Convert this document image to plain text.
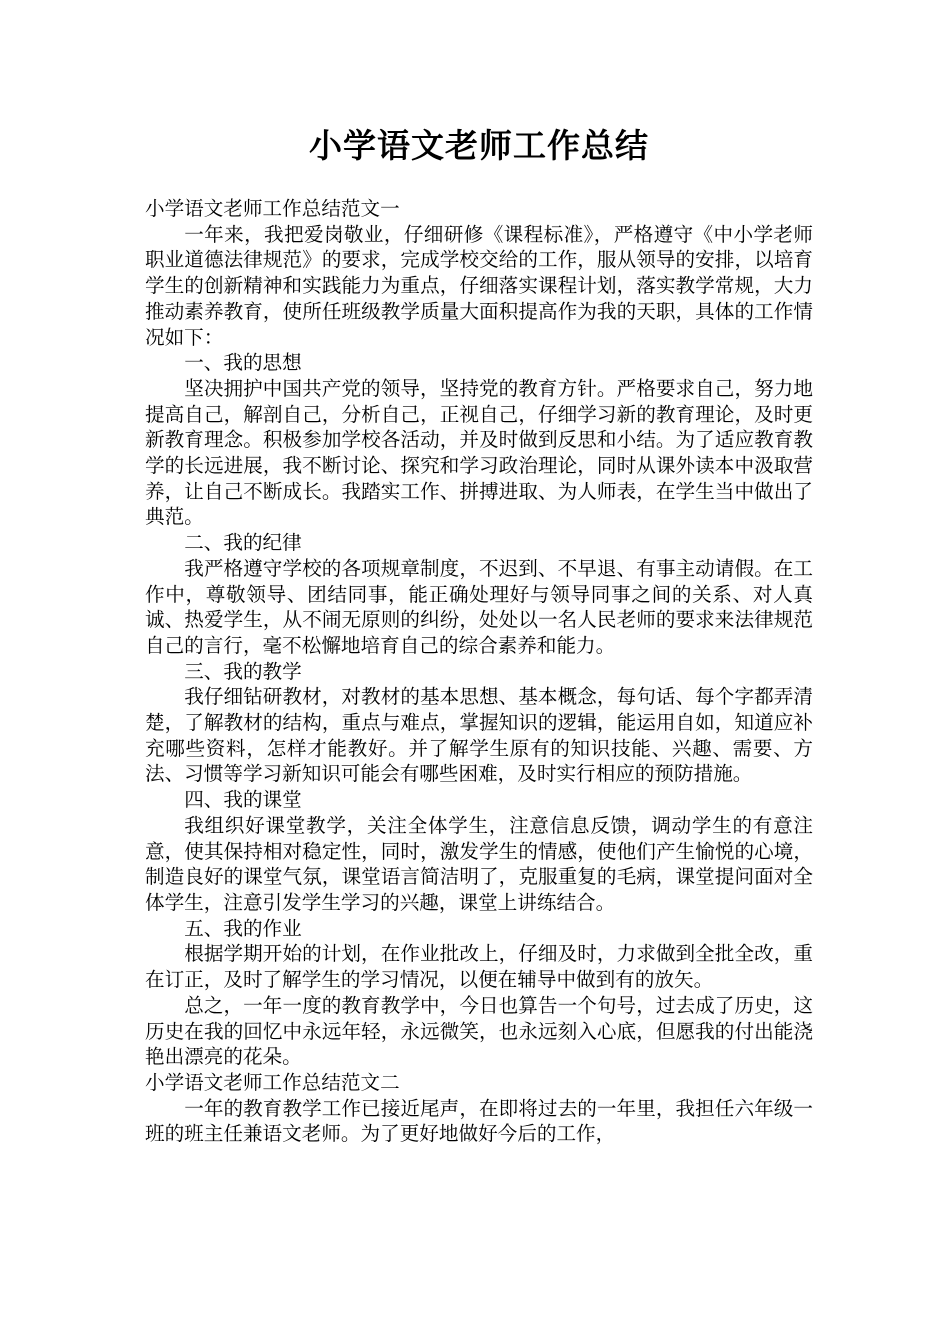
小学语文老师工作总结

小学语文老师工作总结范文一

一年来，我把爱岗敬业，仔细研修《课程标准》，严格遵守《中小学老师职业道德法律规范》的要求，完成学校交给的工作，服从领导的安排，以培育学生的创新精神和实践能力为重点，仔细落实课程计划，落实教学常规，大力推动素养教育，使所任班级教学质量大面积提高作为我的天职，具体的工作情况如下：

一、我的思想

坚决拥护中国共产党的领导，坚持党的教育方针。严格要求自己，努力地提高自己，解剖自己，分析自己，正视自己，仔细学习新的教育理论，及时更新教育理念。积极参加学校各活动，并及时做到反思和小结。为了适应教育教学的长远进展，我不断讨论、探究和学习政治理论，同时从课外读本中汲取营养，让自己不断成长。我踏实工作、拼搏进取、为人师表，在学生当中做出了典范。

二、我的纪律

我严格遵守学校的各项规章制度，不迟到、不早退、有事主动请假。在工作中，尊敬领导、团结同事，能正确处理好与领导同事之间的关系、对人真诚、热爱学生，从不闹无原则的纠纷，处处以一名人民老师的要求来法律规范自己的言行，毫不松懈地培育自己的综合素养和能力。

三、我的教学

我仔细钻研教材，对教材的基本思想、基本概念，每句话、每个字都弄清楚，了解教材的结构，重点与难点，掌握知识的逻辑，能运用自如，知道应补充哪些资料，怎样才能教好。并了解学生原有的知识技能、兴趣、需要、方法、习惯等学习新知识可能会有哪些困难，及时实行相应的预防措施。

四、我的课堂

我组织好课堂教学，关注全体学生，注意信息反馈，调动学生的有意注意，使其保持相对稳定性，同时，激发学生的情感，使他们产生愉悦的心境，制造良好的课堂气氛，课堂语言简洁明了，克服重复的毛病，课堂提问面对全体学生，注意引发学生学习的兴趣，课堂上讲练结合。

五、我的作业

根据学期开始的计划，在作业批改上，仔细及时，力求做到全批全改，重在订正，及时了解学生的学习情况，以便在辅导中做到有的放矢。

总之，一年一度的教育教学中，今日也算告一个句号，过去成了历史，这历史在我的回忆中永远年轻，永远微笑，也永远刻入心底，但愿我的付出能浇艳出漂亮的花朵。

小学语文老师工作总结范文二

一年的教育教学工作已接近尾声，在即将过去的一年里，我担任六年级一班的班主任兼语文老师。为了更好地做好今后的工作，
